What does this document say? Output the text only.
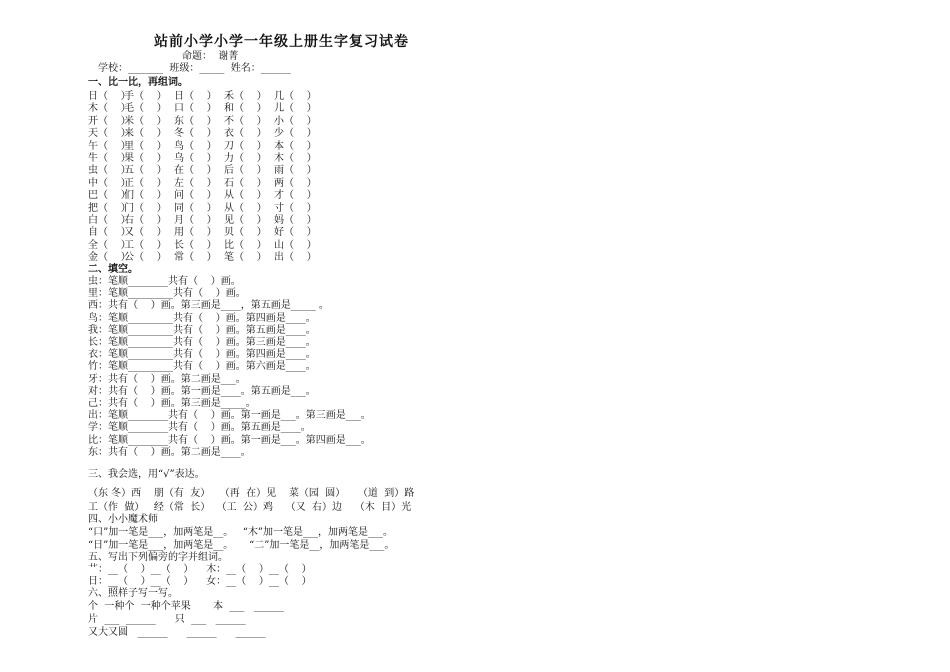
站前小学小学一年级上册生字复习试卷
命题：  谢菁
学校：_______  班级：_____  姓名：______
一、比一比，再组词。
日（    ）
手（    ） 日（    ） 禾（    ） 几（    ）
木（    ）
毛（    ） 口（    ） 和（    ） 儿（    ）
开（    ）
米（    ） 东（    ） 不（    ） 小（    ）
天（    ）
来（    ） 冬（    ） 衣（    ） 少（    ）
午（    ）
里（    ） 鸟（    ） 刀（    ） 本（    ）
牛（    ）
果（    ） 乌（    ） 力（    ） 木（    ）
虫（    ）
五（    ） 在（    ） 后（    ） 雨（    ）
中（    ）
正（    ） 左（    ） 石（    ） 两（    ）
巴（    ）
们（    ） 问（    ） 从（    ） 才（    ）
把（    ）
门（    ） 同（    ） 从（    ） 寸（    ）
白（    ）
右（    ） 月（    ） 见（    ） 妈（    ）
自（    ）
又（    ） 用（    ） 贝（    ） 好（    ）
全（    ）
工（    ） 长（    ） 比（    ） 山（    ）
金（    ）
公（    ） 常（    ） 笔（    ） 出（    ）
二、填空。
虫：笔顺________共有（    ）画。
里：笔顺_________共有（    ）画。
西：共有（    ）画。第三画是____，第五画是_____ 。
鸟：笔顺_________共有（    ）画。第四画是____。
我：笔顺_________共有（    ）画。第五画是____。
长：笔顺_________共有（    ）画。第三画是____。
衣：笔顺_________共有（    ）画。第四画是____。
竹：笔顺_________共有（    ）画。第六画是____。
牙：共有（    ）画。第二画是___。
对：共有（    ）画。第一画是____。第五画是___。
己：共有（    ）画。第三画是_____。
出：笔顺________共有（    ）画。第一画是___。第三画是___。
学：笔顺________共有（    ）画。第五画是____。
比：笔顺________共有（    ）画。第一画是___。第四画是___。
东：共有（    ）画。第二画是____。
三、我会选，用“√”表达。
（东 冬）西    朋（有  友）   （再  在）见    菜（园  圆）    （道  到）路
工（作  做）   经（常  长）  （工  公）鸡    （又  右）边    （木  目）光
四、小小魔术师
“口”加一笔是___，加两笔是__。   “木”加一笔是___，加两笔是___。
“日”加一笔是___，加两笔是__。     “二”加一笔是__，加两笔是___。
五、写出下列偏旁的字并组词。
艹：__（    ）__（    ）    木：__（    ）__（    ）
日：__（    ）__（    ）    女：__（    ）__（    ）
六、照样子写一写。
个  一种个  一种个苹果       本  ___   ______
片  ___  ______      只  ___   ______
又大又圆   ______      ______      ______
